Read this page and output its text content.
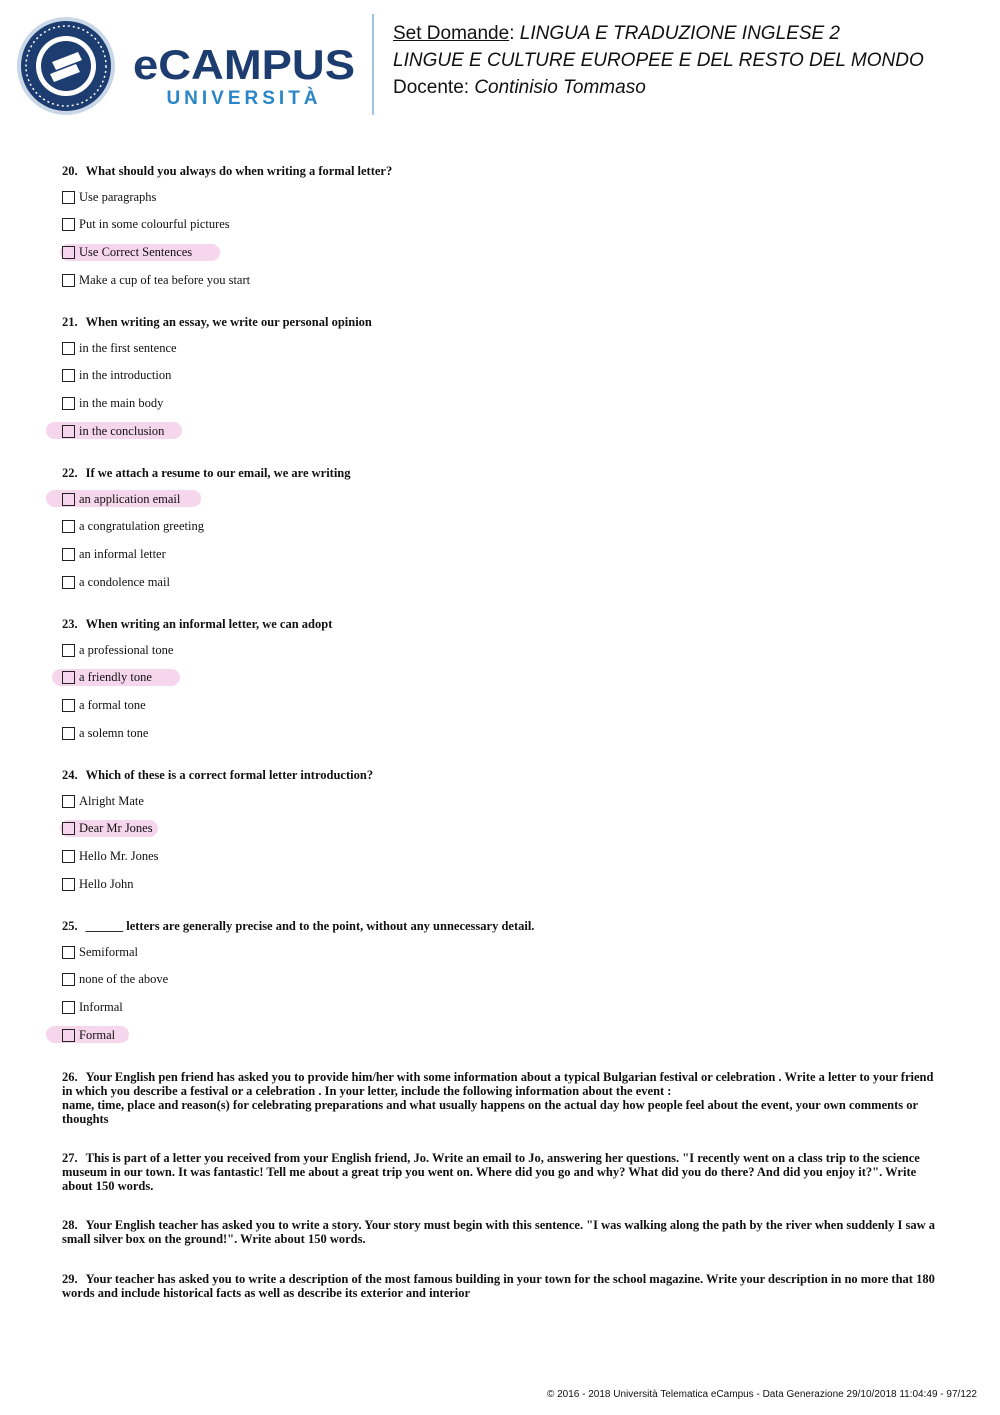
eCAMPUS
UNIVERSITÀ
Set Domande: LINGUA E TRADUZIONE INGLESE 2
LINGUE E CULTURE EUROPEE E DEL RESTO DEL MONDO
Docente: Continisio Tommaso
20. What should you always do when writing a formal letter?
Use paragraphs
Put in some colourful pictures
Use Correct Sentences
Make a cup of tea before you start
21. When writing an essay, we write our personal opinion
in the first sentence
in the introduction
in the main body
in the conclusion
22. If we attach a resume to our email, we are writing
an application email
a congratulation greeting
an informal letter
a condolence mail
23. When writing an informal letter, we can adopt
a professional tone
a friendly tone
a formal tone
a solemn tone
24. Which of these is a correct formal letter introduction?
Alright Mate
Dear Mr Jones
Hello Mr. Jones
Hello John
25. ______ letters are generally precise and to the point, without any unnecessary detail.
Semiformal
none of the above
Informal
Formal
26. Your English pen friend has asked you to provide him/her with some information about a typical Bulgarian festival or celebration . Write a letter to your friend in which you describe a festival or a celebration . In your letter, include the following information about the event :
name, time, place and reason(s) for celebrating preparations and what usually happens on the actual day how people feel about the event, your own comments or thoughts
27. This is part of a letter you received from your English friend, Jo. Write an email to Jo, answering her questions. "I recently went on a class trip to the science museum in our town. It was fantastic! Tell me about a great trip you went on. Where did you go and why? What did you do there? And did you enjoy it?". Write about 150 words.
28. Your English teacher has asked you to write a story. Your story must begin with this sentence. "I was walking along the path by the river when suddenly I saw a small silver box on the ground!". Write about 150 words.
29. Your teacher has asked you to write a description of the most famous building in your town for the school magazine. Write your description in no more that 180 words and include historical facts as well as describe its exterior and interior
© 2016 - 2018 Università Telematica eCampus - Data Generazione 29/10/2018 11:04:49 - 97/122
